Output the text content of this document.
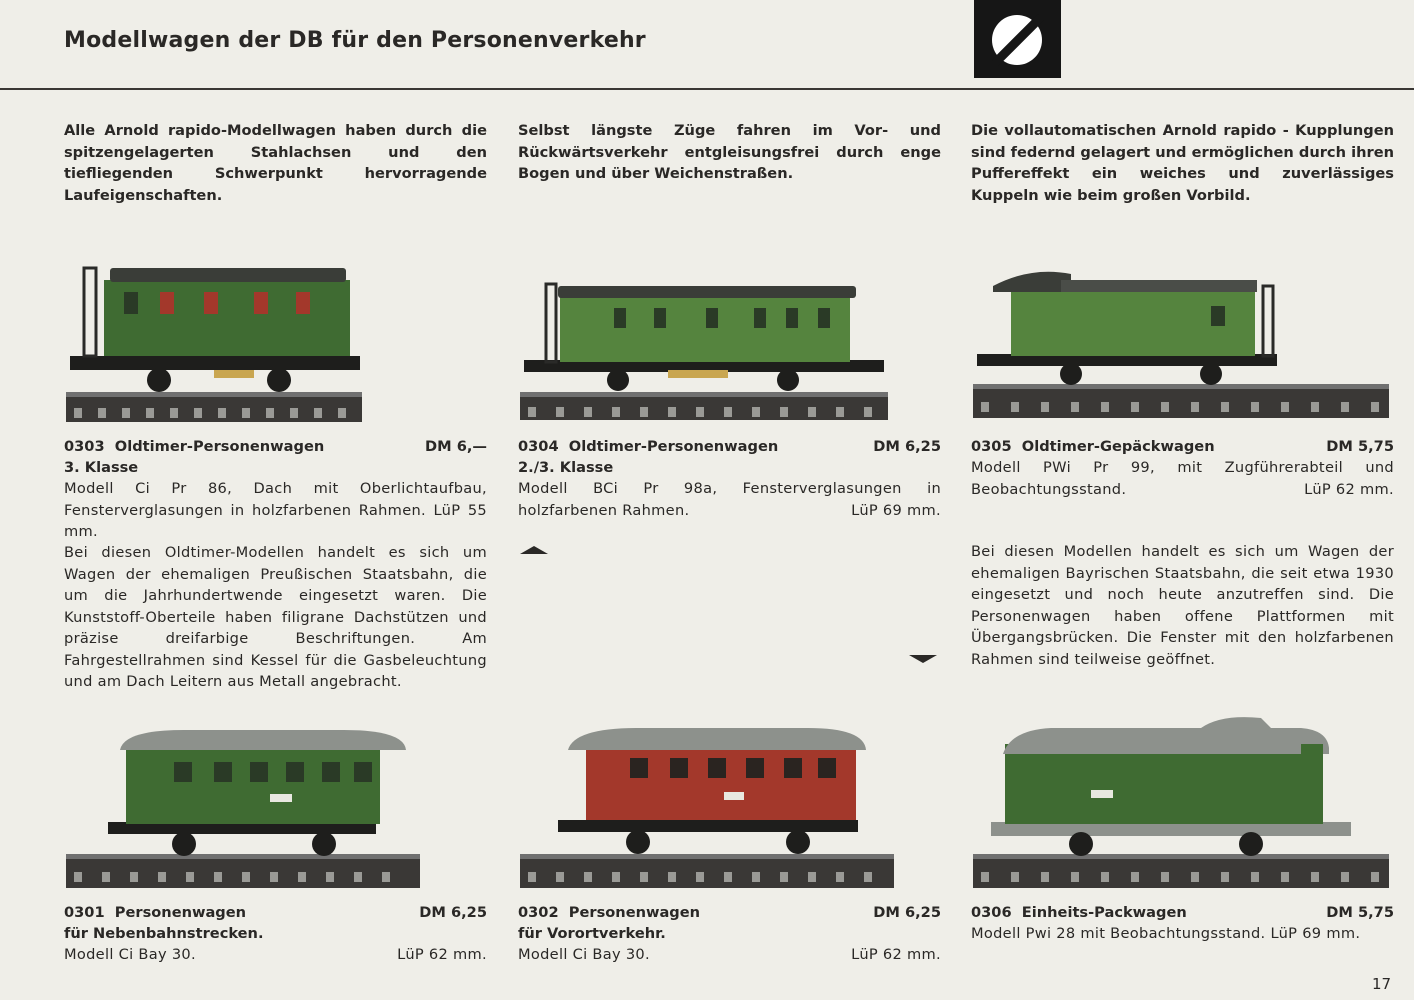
Modellwagen der DB für den Personenverkehr
Alle Arnold rapido-Modellwagen haben durch die spitzengelagerten Stahlachsen und den tiefliegenden Schwerpunkt hervorragende Laufeigenschaften.
Selbst längste Züge fahren im Vor- und Rückwärtsverkehr entgleisungsfrei durch enge Bogen und über Weichenstraßen.
Die vollautomatischen Arnold rapido - Kupplungen sind federnd gelagert und ermöglichen durch ihren Puffereffekt ein weiches und zuverlässiges Kuppeln wie beim großen Vorbild.
0303 Oldtimer-Personenwagen	DM 6,—
3. Klasse
Modell Ci Pr 86, Dach mit Oberlichtaufbau, Fensterverglasungen in holzfarbenen Rahmen. LüP 55 mm.
0304 Oldtimer-Personenwagen	DM 6,25
2./3. Klasse
Modell BCi Pr 98a, Fensterverglasungen in holzfarbenen Rahmen.	LüP 69 mm.
0305 Oldtimer-Gepäckwagen	DM 5,75
Modell PWi Pr 99, mit Zugführerabteil und Beobachtungsstand.	LüP 62 mm.
Bei diesen Oldtimer-Modellen handelt es sich um Wagen der ehemaligen Preußischen Staatsbahn, die um die Jahrhundertwende eingesetzt waren. Die Kunststoff-Oberteile haben filigrane Dachstützen und präzise dreifarbige Beschriftungen. Am Fahrgestellrahmen sind Kessel für die Gasbeleuchtung und am Dach Leitern aus Metall angebracht.
Bei diesen Modellen handelt es sich um Wagen der ehemaligen Bayrischen Staatsbahn, die seit etwa 1930 eingesetzt und noch heute anzutreffen sind. Die Personenwagen haben offene Plattformen mit Übergangsbrücken. Die Fenster mit den holzfarbenen Rahmen sind teilweise geöffnet.
0301 Personenwagen	DM 6,25
für Nebenbahnstrecken.
Modell Ci Bay 30.	LüP 62 mm.
0302 Personenwagen	DM 6,25
für Vorortverkehr.
Modell Ci Bay 30.	LüP 62 mm.
0306 Einheits-Packwagen	DM 5,75
Modell Pwi 28 mit Beobachtungsstand. LüP 69 mm.
17
